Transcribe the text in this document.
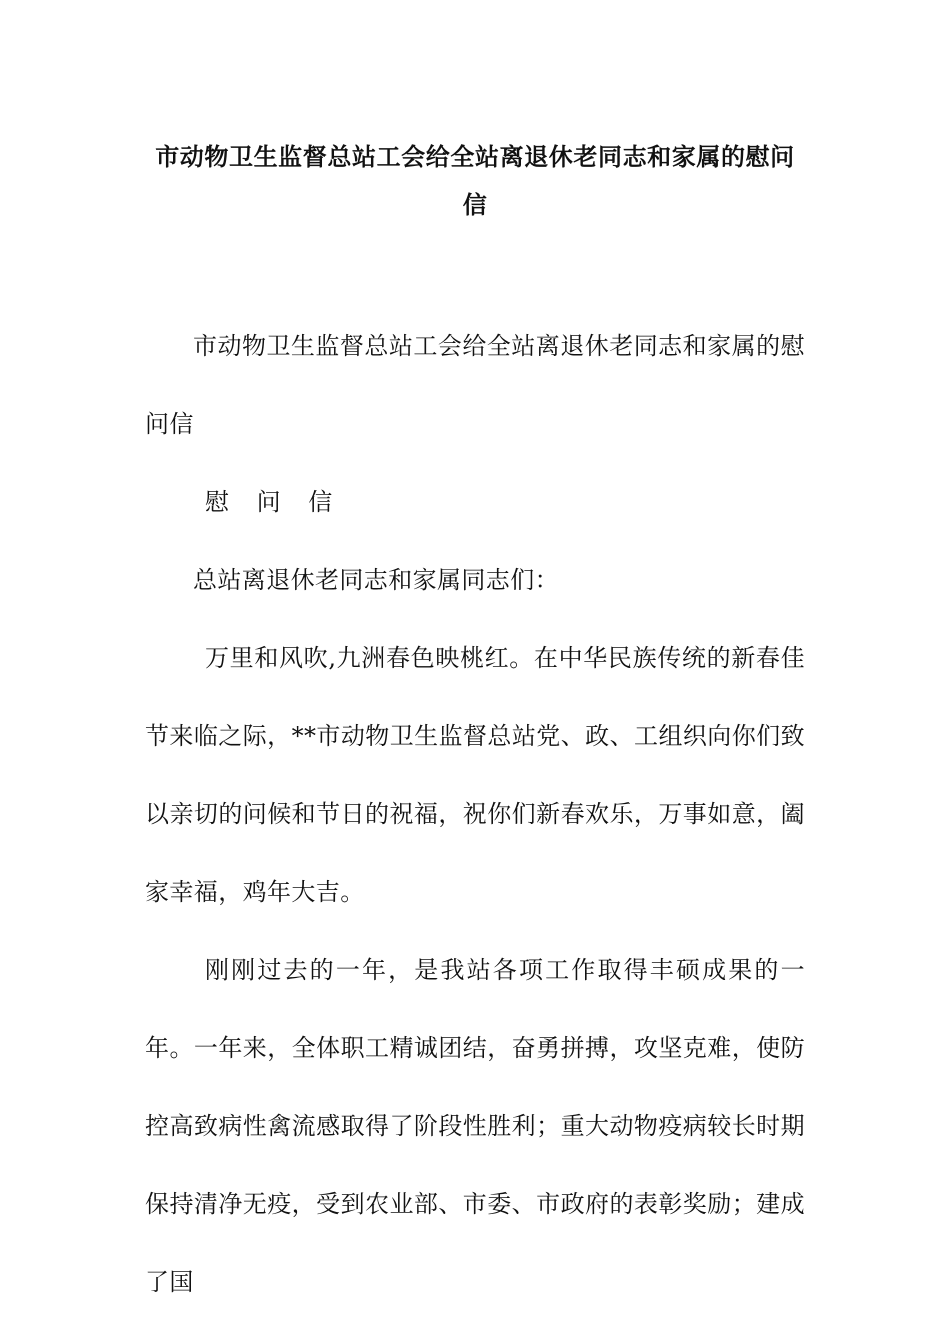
市动物卫生监督总站工会给全站离退休老同志和家属的慰问信

市动物卫生监督总站工会给全站离退休老同志和家属的慰问信

慰 问 信

总站离退休老同志和家属同志们：

万里和风吹,九洲春色映桃红。在中华民族传统的新春佳节来临之际，**市动物卫生监督总站党、政、工组织向你们致以亲切的问候和节日的祝福，祝你们新春欢乐，万事如意，阖家幸福，鸡年大吉。

刚刚过去的一年，是我站各项工作取得丰硕成果的一年。一年来，全体职工精诚团结，奋勇拼搏，攻坚克难，使防控高致病性禽流感取得了阶段性胜利；重大动物疫病较长时期保持清净无疫，受到农业部、市委、市政府的表彰奖励；建成了国
